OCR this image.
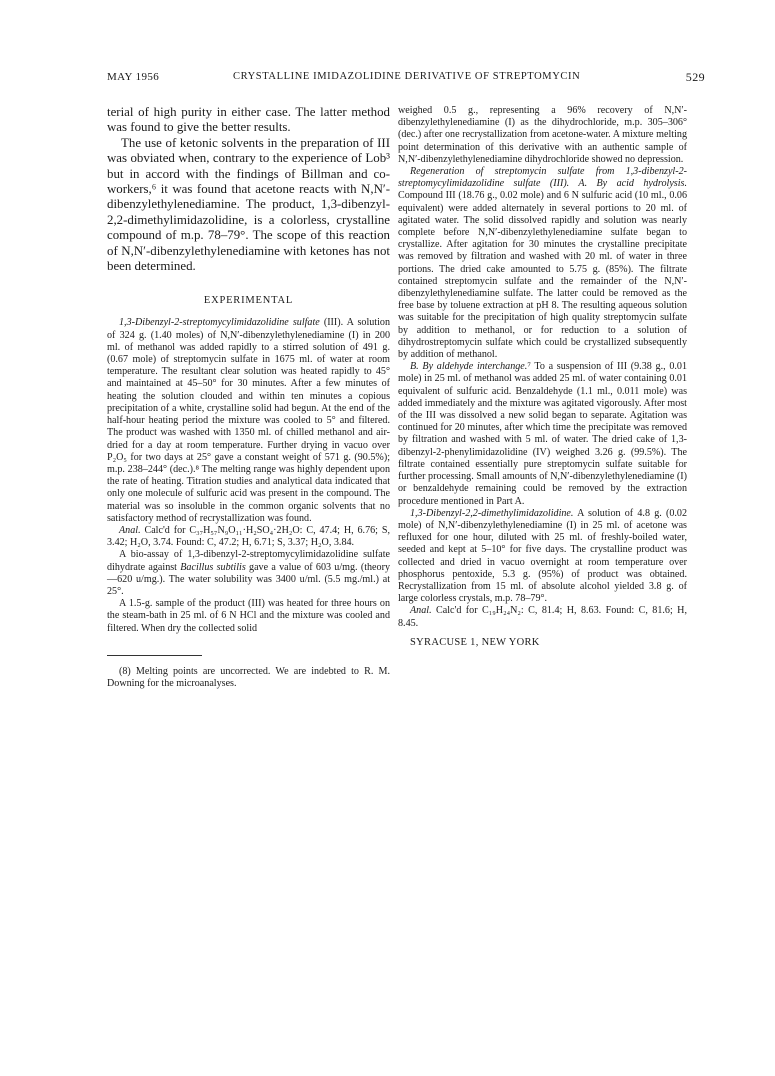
MAY 1956	CRYSTALLINE IMIDAZOLIDINE DERIVATIVE OF STREPTOMYCIN	529

terial of high purity in either case. The latter method was found to give the better results.

The use of ketonic solvents in the preparation of III was obviated when, contrary to the experience of Lob³ but in accord with the findings of Billman and co-workers,⁶ it was found that acetone reacts with N,N′-dibenzylethylenediamine. The product, 1,3-dibenzyl-2,2-dimethylimidazolidine, is a colorless, crystalline compound of m.p. 78–79°. The scope of this reaction of N,N′-dibenzylethylenediamine with ketones has not been determined.

EXPERIMENTAL

1,3-Dibenzyl-2-streptomycylimidazolidine sulfate (III). A solution of 324 g. (1.40 moles) of N,N′-dibenzylethylenediamine (I) in 200 ml. of methanol was added rapidly to a stirred solution of 491 g. (0.67 mole) of streptomycin sulfate in 1675 ml. of water at room temperature. The resultant clear solution was heated rapidly to 45° and maintained at 45–50° for 30 minutes. After a few minutes of heating the solution clouded and within ten minutes a copious precipitation of a white, crystalline solid had begun. At the end of the half-hour heating period the mixture was cooled to 5° and filtered. The product was washed with 1350 ml. of chilled methanol and air-dried for a day at room temperature. Further drying in vacuo over P₂O₅ for two days at 25° gave a constant weight of 571 g. (90.5%); m.p. 238–244° (dec.).⁸ The melting range was highly dependent upon the rate of heating. Titration studies and analytical data indicated that only one molecule of sulfuric acid was present in the compound. The material was so insoluble in the common organic solvents that no satisfactory method of recrystallization was found.

Anal. Calc'd for C₃₇H₅₇N₉O₁₁·H₂SO₄·2H₂O: C, 47.4; H, 6.76; S, 3.42; H₂O, 3.74. Found: C, 47.2; H, 6.71; S, 3.37; H₂O, 3.84.

A bio-assay of 1,3-dibenzyl-2-streptomycylimidazolidine sulfate dihydrate against Bacillus subtilis gave a value of 603 u/mg. (theory—620 u/mg.). The water solubility was 3400 u/ml. (5.5 mg./ml.) at 25°.

A 1.5-g. sample of the product (III) was heated for three hours on the steam-bath in 25 ml. of 6 N HCl and the mixture was cooled and filtered. When dry the collected solid

(8) Melting points are uncorrected. We are indebted to R. M. Downing for the microanalyses.

weighed 0.5 g., representing a 96% recovery of N,N′-dibenzylethylenediamine (I) as the dihydrochloride, m.p. 305–306° (dec.) after one recrystallization from acetone-water. A mixture melting point determination of this derivative with an authentic sample of N,N′-dibenzylethylenediamine dihydrochloride showed no depression.

Regeneration of streptomycin sulfate from 1,3-dibenzyl-2-streptomycylimidazolidine sulfate (III). A. By acid hydrolysis. Compound III (18.76 g., 0.02 mole) and 6 N sulfuric acid (10 ml., 0.06 equivalent) were added alternately in several portions to 20 ml. of agitated water. The solid dissolved rapidly and solution was nearly complete before N,N′-dibenzylethylenediamine sulfate began to crystallize. After agitation for 30 minutes the crystalline precipitate was removed by filtration and washed with 20 ml. of water in three portions. The dried cake amounted to 5.75 g. (85%). The filtrate contained streptomycin sulfate and the remainder of the N,N′-dibenzylethylenediamine sulfate. The latter could be removed as the free base by toluene extraction at pH 8. The resulting aqueous solution was suitable for the precipitation of high quality streptomycin sulfate by addition to methanol, or for reduction to a solution of dihydrostreptomycin sulfate which could be crystallized subsequently by addition of methanol.

B. By aldehyde interchange.⁷ To a suspension of III (9.38 g., 0.01 mole) in 25 ml. of methanol was added 25 ml. of water containing 0.01 equivalent of sulfuric acid. Benzaldehyde (1.1 ml., 0.011 mole) was added immediately and the mixture was agitated vigorously. After most of the III was dissolved a new solid began to separate. Agitation was continued for 20 minutes, after which time the precipitate was removed by filtration and washed with 5 ml. of water. The dried cake of 1,3-dibenzyl-2-phenylimidazolidine (IV) weighed 3.26 g. (99.5%). The filtrate contained essentially pure streptomycin sulfate suitable for further processing. Small amounts of N,N′-dibenzylethylenediamine (I) or benzaldehyde remaining could be removed by the extraction procedure mentioned in Part A.

1,3-Dibenzyl-2,2-dimethylimidazolidine. A solution of 4.8 g. (0.02 mole) of N,N′-dibenzylethylenediamine (I) in 25 ml. of acetone was refluxed for one hour, diluted with 25 ml. of freshly-boiled water, seeded and kept at 5–10° for five days. The crystalline product was collected and dried in vacuo overnight at room temperature over phosphorus pentoxide, 5.3 g. (95%) of product was obtained. Recrystallization from 15 ml. of absolute alcohol yielded 3.8 g. of large colorless crystals, m.p. 78–79°.

Anal. Calc'd for C₁₉H₂₄N₂: C, 81.4; H, 8.63. Found: C, 81.6; H, 8.45.

SYRACUSE 1, NEW YORK
